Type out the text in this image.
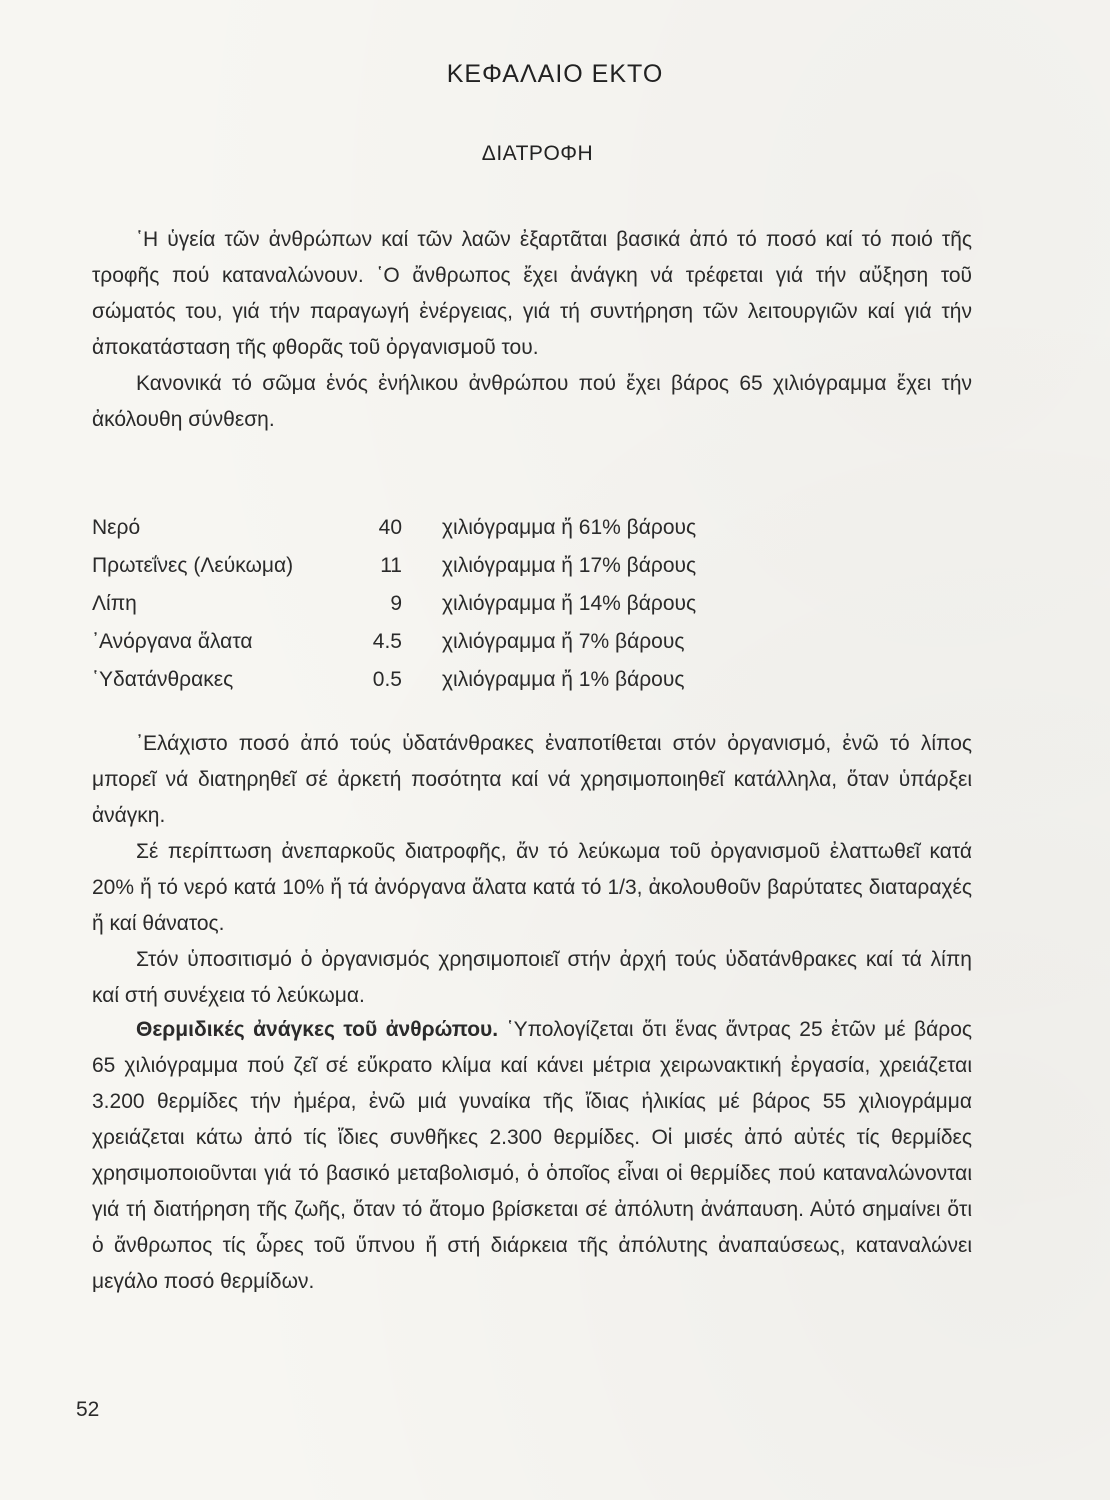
ΚΕΦΑΛΑΙΟ ΕΚΤΟ
ΔΙΑΤΡΟΦΗ

῾Η ὑγεία τῶν ἀνθρώπων καί τῶν λαῶν ἐξαρτᾶται βασικά ἀπό τό ποσό καί τό ποιό τῆς τροφῆς πού καταναλώνουν. ῾Ο ἄνθρωπος ἔχει ἀνάγκη νά τρέφεται γιά τήν αὔξηση τοῦ σώματός του, γιά τήν παραγωγή ἐνέργειας, γιά τή συντήρηση τῶν λειτουργιῶν καί γιά τήν ἀποκατάσταση τῆς φθορᾶς τοῦ ὀργανισμοῦ του.

Κανονικά τό σῶμα ἑνός ἐνήλικου ἀνθρώπου πού ἔχει βάρος 65 χιλιόγραμμα ἔχει τήν ἀκόλουθη σύνθεση.

Νερό	40 χιλιόγραμμα ἤ 61% βάρους
Πρωτεΐνες (Λεύκωμα)	11 χιλιόγραμμα ἤ 17% βάρους
Λίπη	9 χιλιόγραμμα ἤ 14% βάρους
᾿Ανόργανα ἅλατα	4.5 χιλιόγραμμα ἤ 7% βάρους
῾Υδατάνθρακες	0.5 χιλιόγραμμα ἤ 1% βάρους

᾿Ελάχιστο ποσό ἀπό τούς ὑδατάνθρακες ἐναποτίθεται στόν ὀργανισμό, ἐνῶ τό λίπος μπορεῖ νά διατηρηθεῖ σέ ἀρκετή ποσότητα καί νά χρησιμοποιηθεῖ κατάλληλα, ὅταν ὑπάρξει ἀνάγκη.

Σέ περίπτωση ἀνεπαρκοῦς διατροφῆς, ἄν τό λεύκωμα τοῦ ὀργανισμοῦ ἐλαττωθεῖ κατά 20% ἤ τό νερό κατά 10% ἤ τά ἀνόργανα ἅλατα κατά τό 1/3, ἀκολουθοῦν βαρύτατες διαταραχές ἤ καί θάνατος.

Στόν ὑποσιτισμό ὁ ὀργανισμός χρησιμοποιεῖ στήν ἀρχή τούς ὑδατάνθρακες καί τά λίπη καί στή συνέχεια τό λεύκωμα.

Θερμιδικές ἀνάγκες τοῦ ἀνθρώπου. ῾Υπολογίζεται ὅτι ἕνας ἄντρας 25 ἐτῶν μέ βάρος 65 χιλιόγραμμα πού ζεῖ σέ εὔκρατο κλίμα καί κάνει μέτρια χειρωνακτική ἐργασία, χρειάζεται 3.200 θερμίδες τήν ἡμέρα, ἐνῶ μιά γυναίκα τῆς ἴδιας ἡλικίας μέ βάρος 55 χιλιογράμμα χρειάζεται κάτω ἀπό τίς ἴδιες συνθῆκες 2.300 θερμίδες. Οἱ μισές ἀπό αὐτές τίς θερμίδες χρησιμοποιοῦνται γιά τό βασικό μεταβολισμό, ὁ ὁποῖος εἶναι οἱ θερμίδες πού καταναλώνονται γιά τή διατήρηση τῆς ζωῆς, ὅταν τό ἄτομο βρίσκεται σέ ἀπόλυτη ἀνάπαυση. Αὐτό σημαίνει ὅτι ὁ ἄνθρωπος τίς ὧρες τοῦ ὕπνου ἤ στή διάρκεια τῆς ἀπόλυτης ἀναπαύσεως, καταναλώνει μεγάλο ποσό θερμίδων.

52
